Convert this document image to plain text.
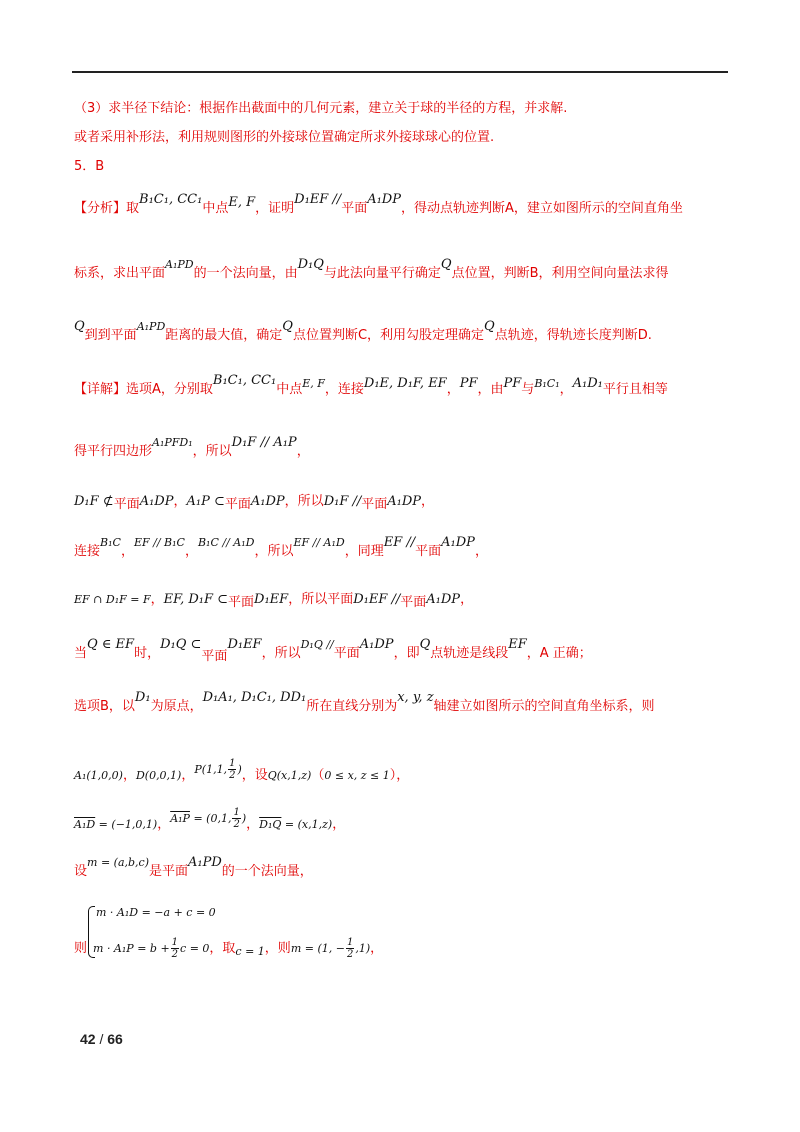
（3）求半径下结论：根据作出截面中的几何元素，建立关于球的半径的方程，并求解.
或者采用补形法，利用规则图形的外接球位置确定所求外接球球心的位置.
5．B
【分析】取B₁C₁, CC₁中点E, F，证明D₁EF //平面A₁DP，得动点轨迹判断A，建立如图所示的空间直角坐
标系，求出平面$^{A_1PD}$的一个法向量，由D₁Q与此法向量平行确定Q点位置，判断B，利用空间向量法求得
Q到到平面$^{A_1PD}$距离的最大值，确定Q点位置判断C，利用勾股定理确定Q点轨迹，得轨迹长度判断D.
【详解】选项A，分别取B₁C₁, CC₁中点$^{E, F}$，连接D₁E, D₁F, EF，PF，由PF与$^{B_1C_1}$，A₁D₁平行且相等
得平行四边形$^{A_1PFD_1}$，所以D₁F // A₁P，
D₁F ⊄平面A₁DP，A₁P ⊂平面A₁DP，所以D₁F //平面A₁DP，
连接$^{B_1C}$，$^{EF // B_1C}$，$^{B_1C // A_1D}$，所以$^{EF // A_1D}$，同理EF //平面A₁DP，
EF ∩ D₁F = F，EF, D₁F ⊂平面D₁EF，所以平面D₁EF //平面A₁DP，
当Q ∈ EF时，D₁Q ⊂平面D₁EF，所以$^{D_1Q //}$平面A₁DP，即Q点轨迹是线段EF，A 正确；
选项B，以D₁为原点，D₁A₁, D₁C₁, DD₁所在直线分别为x, y, z轴建立如图所示的空间直角坐标系，则
A₁(1,0,0)，D(0,0,1)，$^{P(1,1,} \frac{1}{2} ^)$，设Q(x,1,z)（0 ≤ x, z ≤ 1），
A₁D = (−1,0,1)，$^{A_1P}$ $^{= (0,1,} \frac{1}{2} ^)$，D₁Q = (x,1,z)，
设$^{m = (a,b,c)}$是平面A₁PD的一个法向量，
m · A₁D = −a + c = 0
则 $m \cdot A_1P = b + \frac{1}{2}$ c = 0，取$_{c = 1}$，则m = (1, − $\frac{1}{2} ,1$)，
42 / 66
